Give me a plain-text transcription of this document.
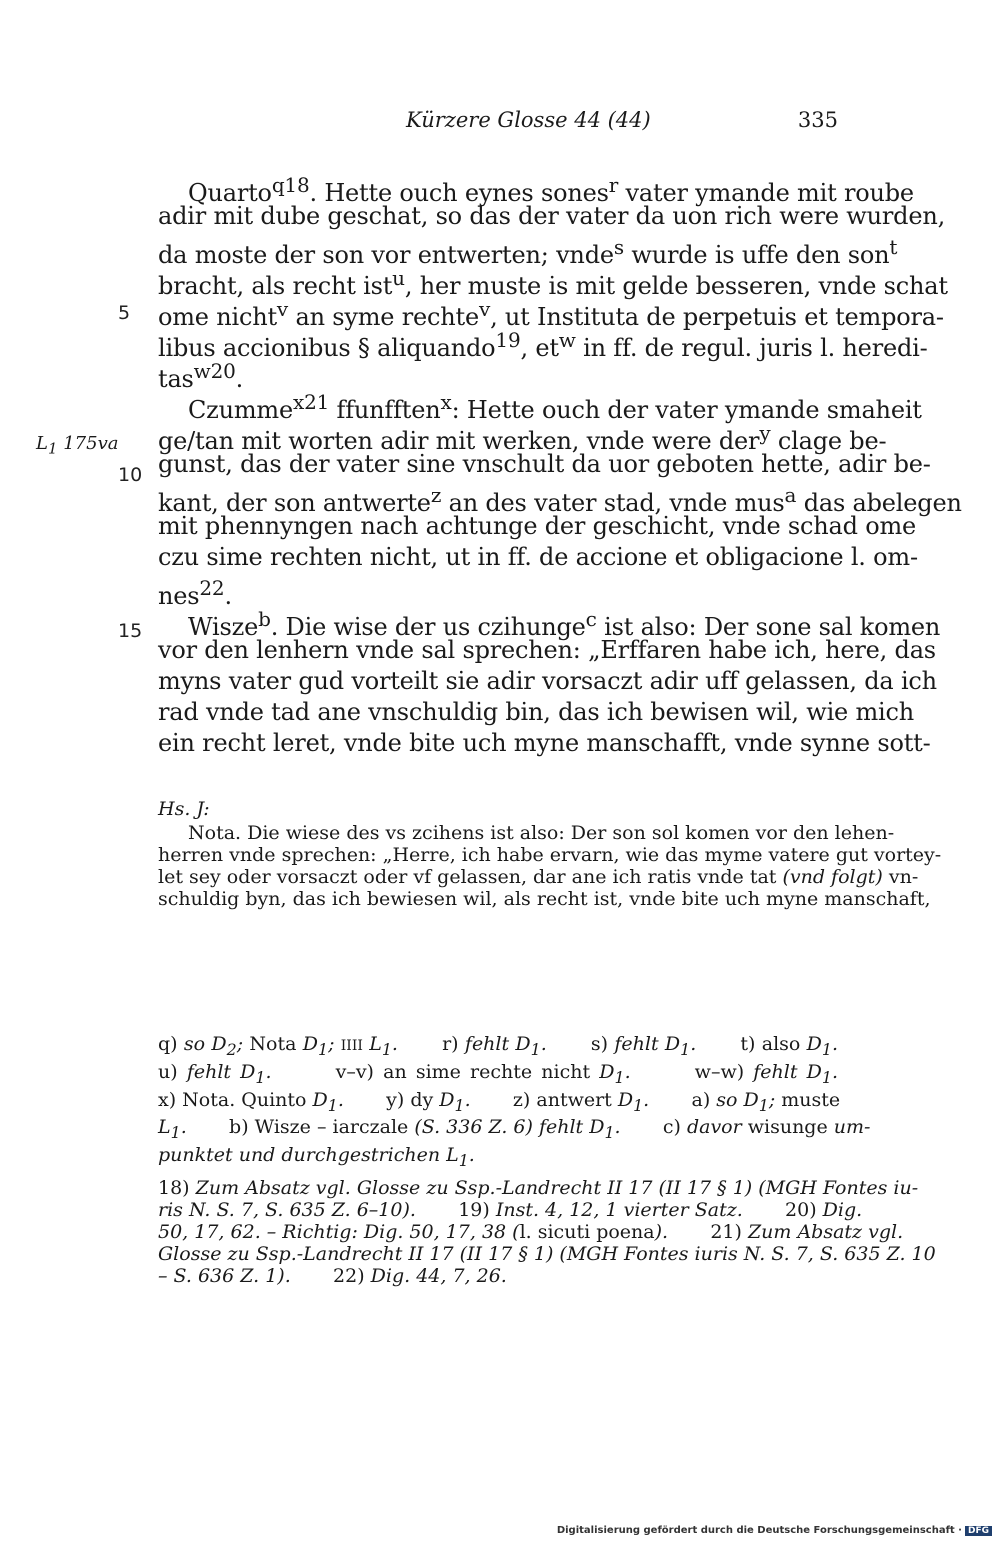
Kürzere Glosse 44 (44)	335
$L_1$ 175va
5
10
15
Quarto$^{q18}$. Hette ouch eynes sones$^r$ vater ymande mit roube
adir mit dube geschat, so das der vater da uon rich were wurden,
da moste der son vor entwerten; vnde$^s$ wurde is uffe den son$^t$
bracht, als recht ist$^u$, her muste is mit gelde besseren, vnde schat
ome nicht$^v$ an syme rechte$^v$, ut Instituta de perpetuis et tempora-
libus accionibus § aliquando$^{19}$, $et^w$ in ff. de regul. juris l. heredi-
tas$^{w20}$.
Czumme$^{x21}$ ffunfften$^x$: Hette ouch der vater ymande smaheit
ge/tan mit worten adir mit werken, vnde were der$^y$ clage be-
gunst, das der vater sine vnschult da uor geboten hette, adir be-
kant, der son antwerte$^z$ an des vater stad, vnde mus$^a$ das abelegen
mit phennyngen nach achtunge der geschicht, vnde schad ome
czu sime rechten nicht, ut in ff. de accione et obligacione l. om-
nes$^{22}$.
Wisze$^b$. Die wise der us czihunge$^c$ ist also: Der sone sal komen
vor den lenhern vnde sal sprechen: „Erffaren habe ich, here, das
myns vater gud vorteilt sie adir vorsaczt adir uff gelassen, da ich
rad vnde tad ane vnschuldig bin, das ich bewisen wil, wie mich
ein recht leret, vnde bite uch myne manschafft, vnde synne sott-
Hs. J:
Nota. Die wiese des vs zcihens ist also: Der son sol komen vor den lehen-
herren vnde sprechen: „Herre, ich habe ervarn, wie das myme vatere gut vortey-
let sey oder vorsaczt oder vf gelassen, dar ane ich ratis vnde tat (vnd folgt) vn-
schuldig byn, das ich bewiesen wil, als recht ist, vnde bite uch myne manschaft,
q) so $D_2$; Nota $D_1$; IIII $L_1$.       r) fehlt $D_1$.       s) fehlt $D_1$.       t) also $D_1$.
u) fehlt $D_1$.       v–v) an sime rechte nicht $D_1$.       w–w) fehlt $D_1$.
x) Nota. Quinto $D_1$.       y) dy $D_1$.       z) antwert $D_1$.       a) so $D_1$; muste
$L_1$.       b) Wisze – iarczale (S. 336 Z. 6) fehlt $D_1$.       c) davor wisunge um-
punktet und durchgestrichen $L_1$.
18) Zum Absatz vgl. Glosse zu Ssp.-Landrecht II 17 (II 17 § 1) (MGH Fontes iu-
ris N. S. 7, S. 635 Z. 6–10).       19) Inst. 4, 12, 1 vierter Satz.       20) Dig.
50, 17, 62. – Richtig: Dig. 50, 17, 38 (l. sicuti poena).       21) Zum Absatz vgl.
Glosse zu Ssp.-Landrecht II 17 (II 17 § 1) (MGH Fontes iuris N. S. 7, S. 635 Z. 10
– S. 636 Z. 1).       22) Dig. 44, 7, 26.
Digitalisierung gefördert durch die Deutsche Forschungsgemeinschaft · DFG
